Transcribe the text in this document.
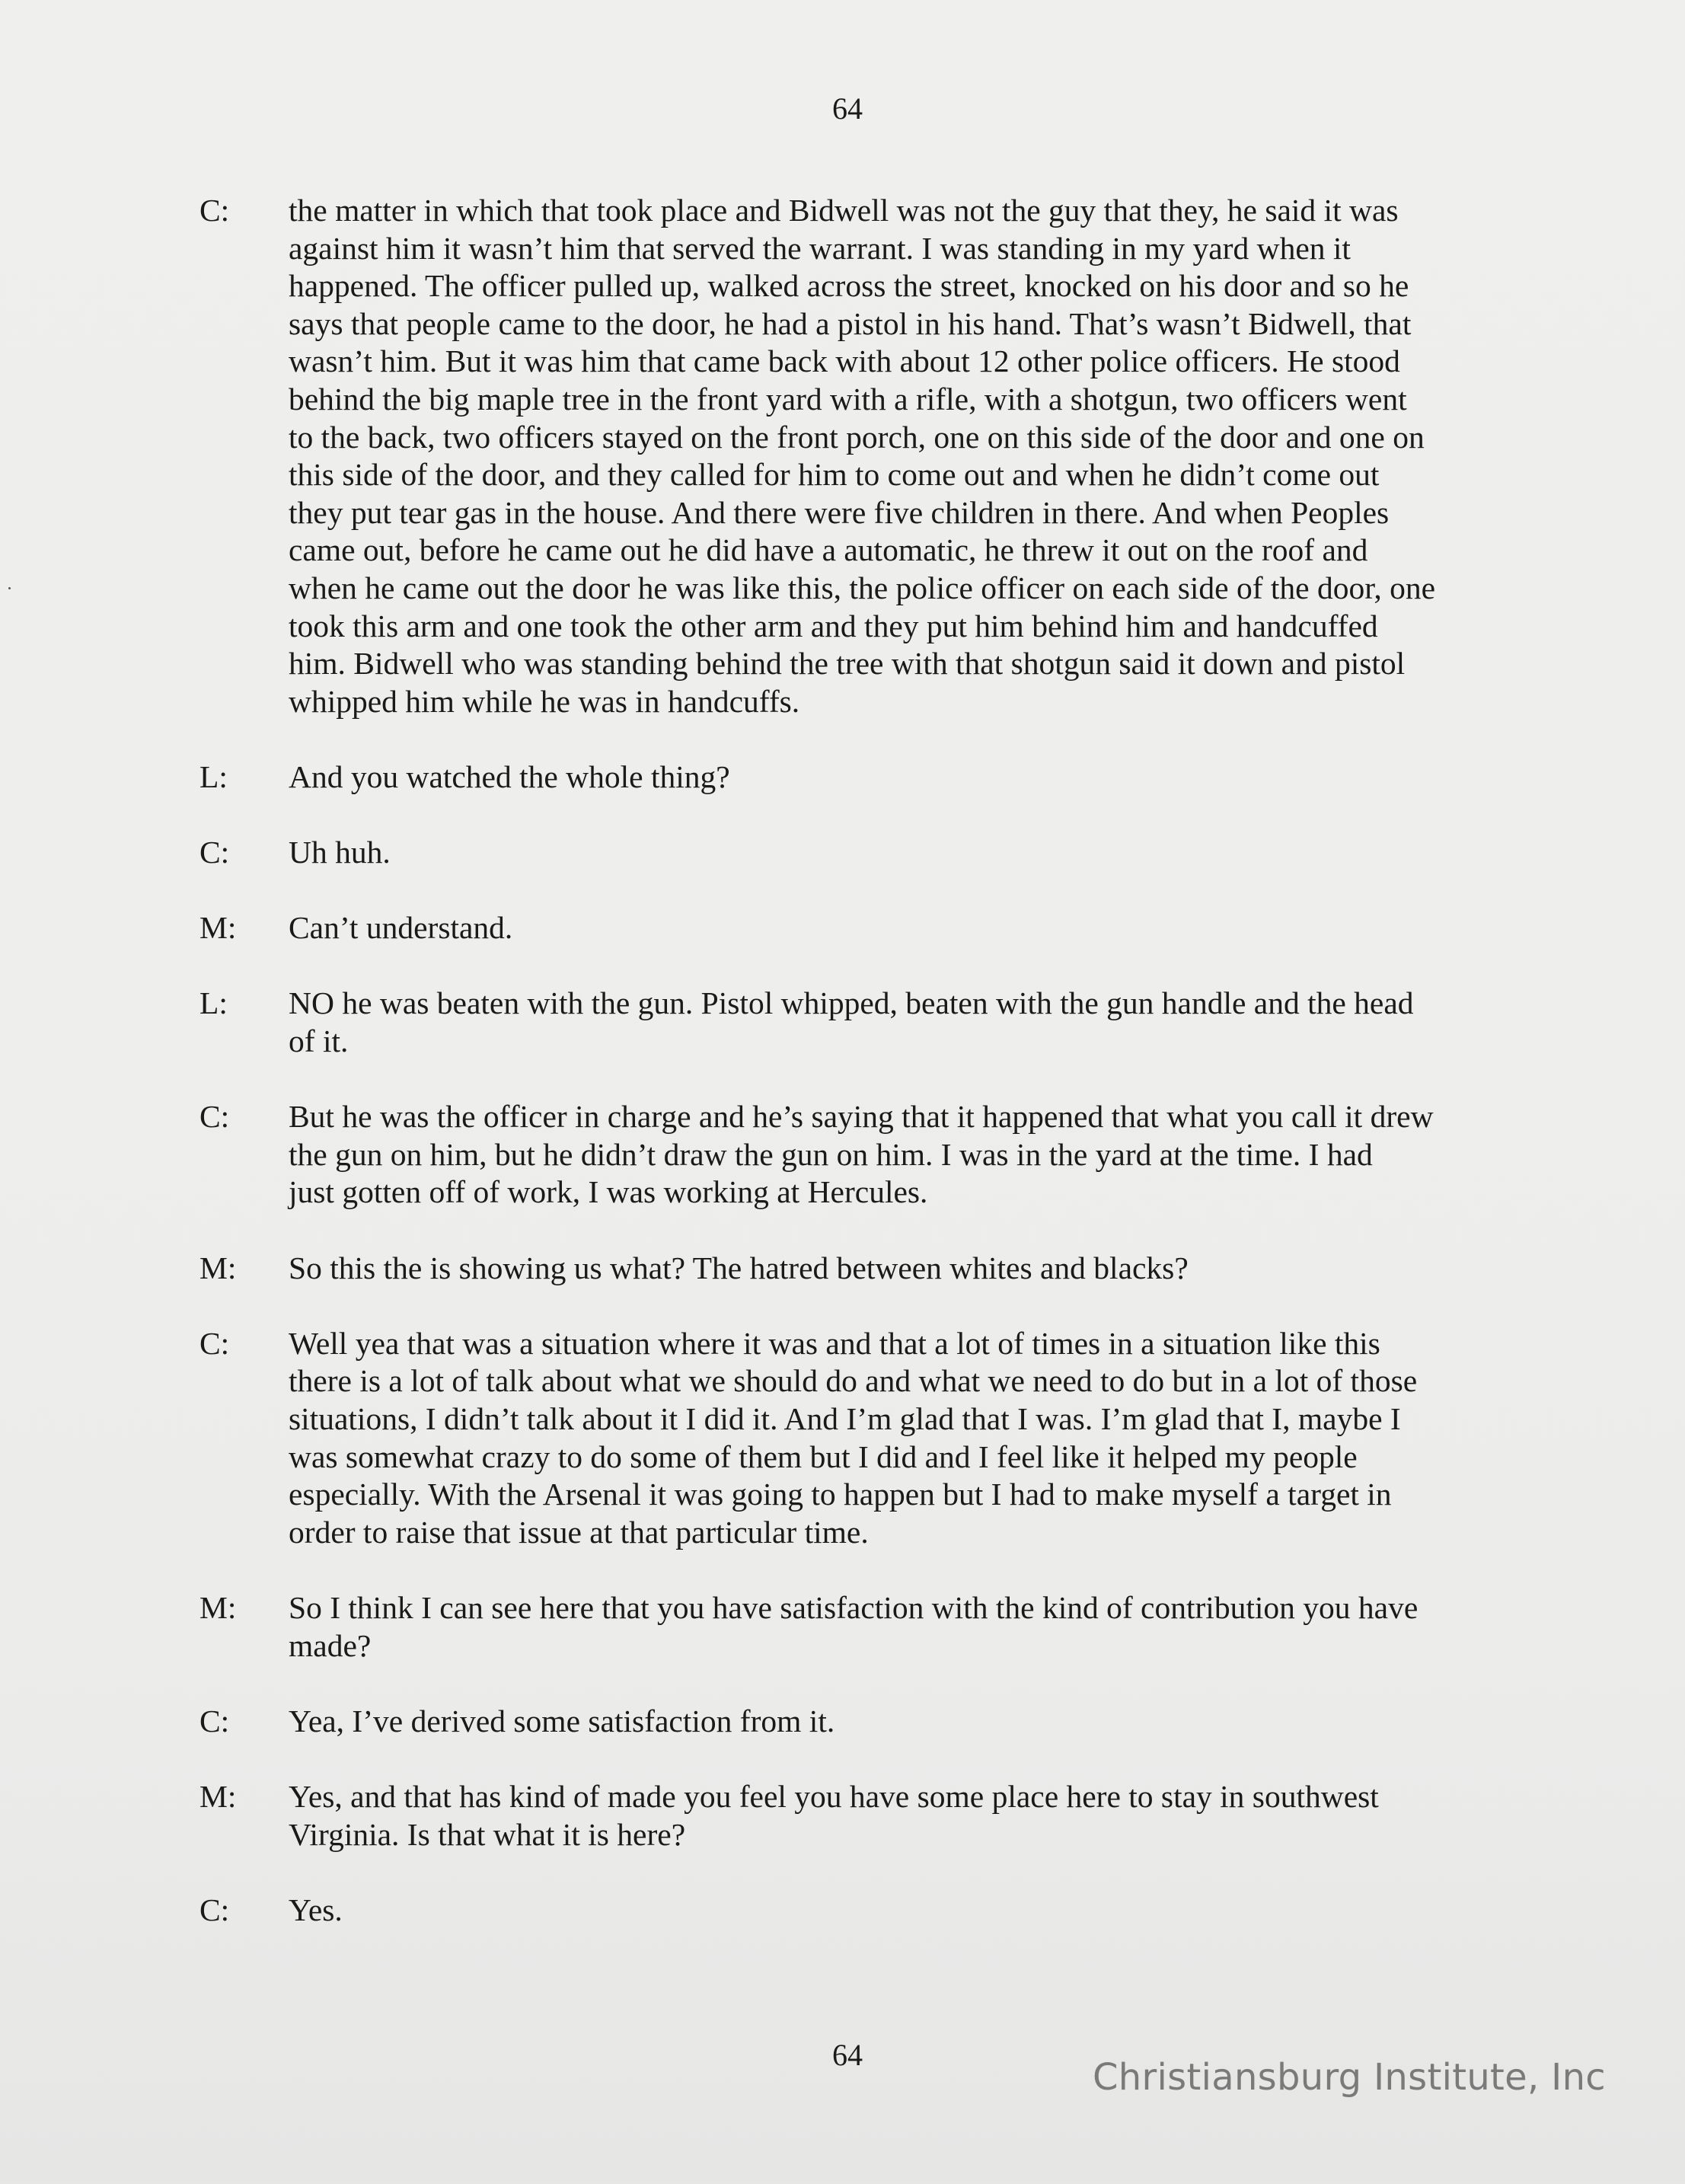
64
C:	the matter in which that took place and Bidwell was not the guy that they, he said it was
against him it wasn’t him that served the warrant. I was standing in my yard when it
happened. The officer pulled up, walked across the street, knocked on his door and so he
says that people came to the door, he had a pistol in his hand. That’s wasn’t Bidwell, that
wasn’t him. But it was him that came back with about 12 other police officers. He stood
behind the big maple tree in the front yard with a rifle, with a shotgun, two officers went
to the back, two officers stayed on the front porch, one on this side of the door and one on
this side of the door, and they called for him to come out and when he didn’t come out
they put tear gas in the house. And there were five children in there. And when Peoples
came out, before he came out he did have a automatic, he threw it out on the roof and
when he came out the door he was like this, the police officer on each side of the door, one
took this arm and one took the other arm and they put him behind him and handcuffed
him. Bidwell who was standing behind the tree with that shotgun said it down and pistol
whipped him while he was in handcuffs.

L:	And you watched the whole thing?

C:	Uh huh.

M:	Can’t understand.

L:	NO he was beaten with the gun. Pistol whipped, beaten with the gun handle and the head
of it.

C:	But he was the officer in charge and he’s saying that it happened that what you call it drew
the gun on him, but he didn’t draw the gun on him. I was in the yard at the time. I had
just gotten off of work, I was working at Hercules.

M:	So this the is showing us what? The hatred between whites and blacks?

C:	Well yea that was a situation where it was and that a lot of times in a situation like this
there is a lot of talk about what we should do and what we need to do but in a lot of those
situations, I didn’t talk about it I did it. And I’m glad that I was. I’m glad that I, maybe I
was somewhat crazy to do some of them but I did and I feel like it helped my people
especially. With the Arsenal it was going to happen but I had to make myself a target in
order to raise that issue at that particular time.

M:	So I think I can see here that you have satisfaction with the kind of contribution you have
made?

C:	Yea, I’ve derived some satisfaction from it.

M:	Yes, and that has kind of made you feel you have some place here to stay in southwest
Virginia. Is that what it is here?

C:	Yes.

64
Christiansburg Institute, Inc
